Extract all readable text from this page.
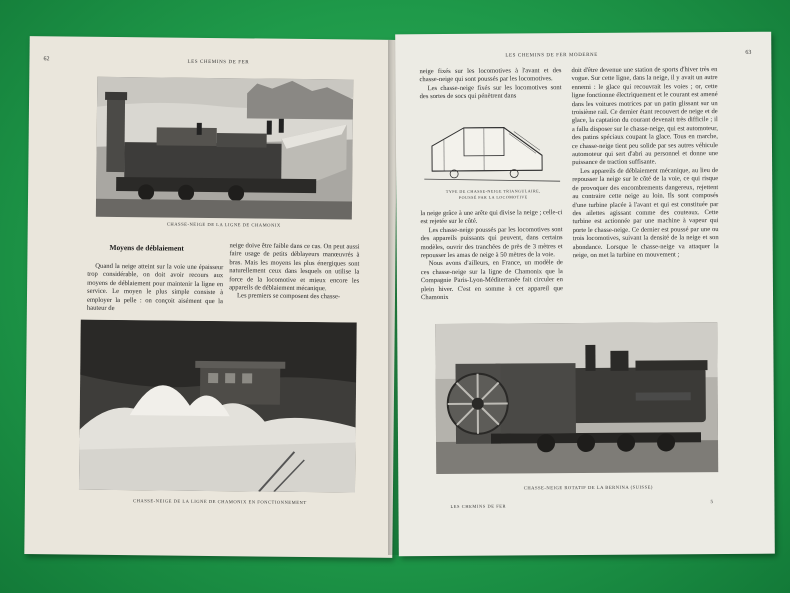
62
LES CHEMINS DE FER
CHASSE-NEIGE DE LA LIGNE DE CHAMONIX
Moyens de déblaiement

Quand la neige atteint sur la voie une épaisseur trop considérable, on doit avoir recours aux moyens de déblaiement pour maintenir la ligne en service. Le moyen le plus simple consiste à employer la pelle : on conçoit aisément que la hauteur de

neige doive être faible dans ce cas. On peut aussi faire usage de petits déblayeurs manœuvrés à bras. Mais les moyens les plus énergiques sont naturellement ceux dans lesquels on utilise la force de la locomotive et mieux encore les appareils de déblaiement mécanique.

Les premiers se composent des chasse-

CHASSE-NEIGE DE LA LIGNE DE CHAMONIX EN FONCTIONNEMENT
LES CHEMINS DE FER MODERNE	63

neige fixés sur les locomotives à l'avant et des chasse-neige qui sont poussés par les locomotives.

Les chasse-neige fixés sur les locomotives sont des sortes de socs qui pénètrent dans

TYPE DE CHASSE-NEIGE TRIANGULAIRE,
POUSSÉ PAR LA LOCOMOTIVE

la neige grâce à une arête qui divise la neige ; celle-ci est rejetée sur le côté.

Les chasse-neige poussés par les locomotives sont des appareils puissants qui peuvent, dans certains modèles, ouvrir des tranchées de près de 3 mètres et repousser les amas de neige à 50 mètres de la voie.

Nous avons d'ailleurs, en France, un modèle de ces chasse-neige sur la ligne de Chamonix que la Compagnie Paris-Lyon-Méditerranée fait circuler en plein hiver. C'est en somme à cet appareil que Chamonix

doit d'être devenue une station de sports d'hiver très en vogue. Sur cette ligne, dans la neige, il y avait un autre ennemi : le glace qui recouvrait les voies ; or, cette ligne fonctionne électriquement et le courant est amené dans les voitures motrices par un patin glissant sur un troisième rail. Ce dernier étant recouvert de neige et de glace, la captation du courant devenait très difficile ; il a fallu disposer sur le chasse-neige, qui est automoteur, des patins spéciaux coupant la glace. Tous en marche, ce chasse-neige tient peu solide par ses autres véhicule automoteur qui sert d'abri au personnel et donne une puissance de traction suffisante.

Les appareils de déblaiement mécanique, au lieu de repousser la neige sur le côté de la voie, ce qui risque de provoquer des encombrements dangereux, rejettent au contraire cette neige au loin. Ils sont composés d'une turbine placée à l'avant et qui est constituée par des ailettes agissant comme des couteaux. Cette turbine est actionnée par une machine à vapeur qui porte le chasse-neige. Ce dernier est poussé par une ou trois locomotives, suivant la densité de la neige et son abondance. Lorsque le chasse-neige va attaquer la neige, on met la turbine en mouvement ;

CHASSE-NEIGE ROTATIF DE LA BERNINA (SUISSE)
LES CHEMINS DE FER
5
